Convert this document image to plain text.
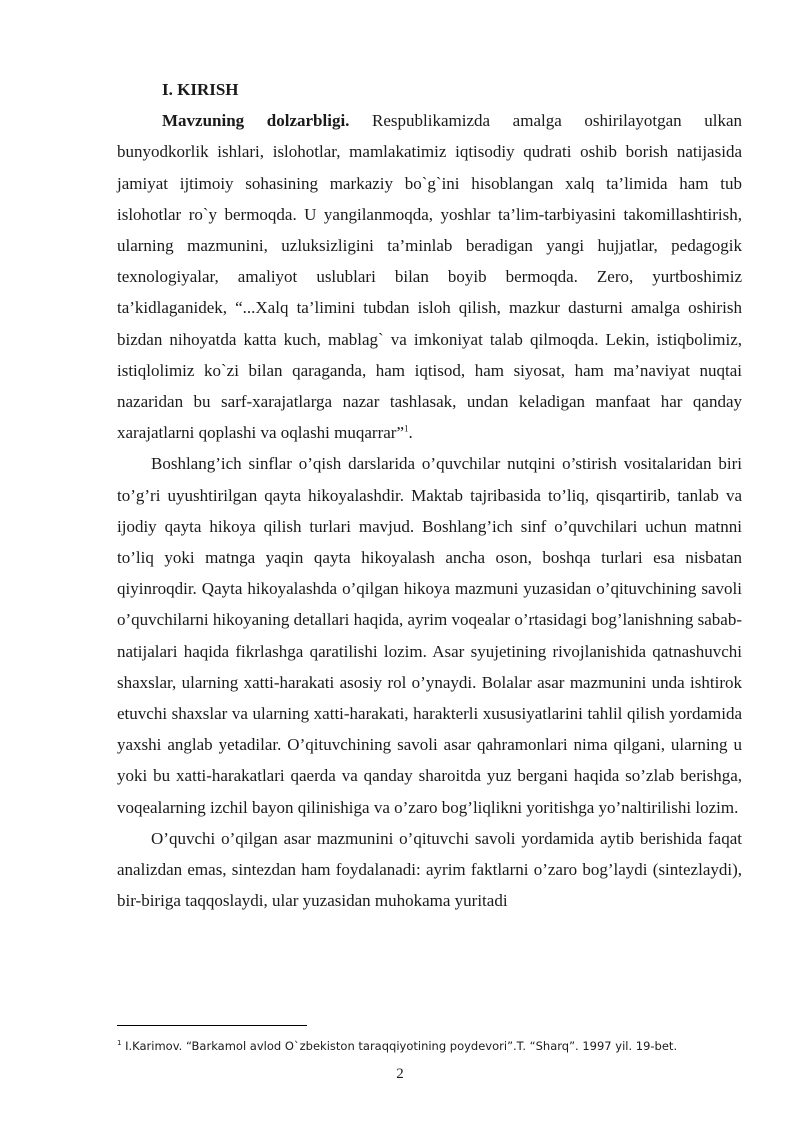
I. KIRISH

Mavzuning dolzarbligi. Respublikamizda amalga oshirilayotgan ulkan bunyodkorlik ishlari, islohotlar, mamlakatimiz iqtisodiy qudrati oshib borish natijasida jamiyat ijtimoiy sohasining markaziy bo`g`ini hisoblangan xalq ta’limida ham tub islohotlar ro`y bermoqda. U yangilanmoqda, yoshlar ta’lim-tarbiyasini takomillashtirish, ularning mazmunini, uzluksizligini ta’minlab beradigan yangi hujjatlar, pedagogik texnologiyalar, amaliyot uslublari bilan boyib bermoqda. Zero, yurtboshimiz ta’kidlaganidek, “...Xalq ta’limini tubdan isloh qilish, mazkur dasturni amalga oshirish bizdan nihoyatda katta kuch, mablag` va imkoniyat talab qilmoqda. Lekin, istiqbolimiz, istiqlolimiz ko`zi bilan qaraganda, ham iqtisod, ham siyosat, ham ma’naviyat nuqtai nazaridan bu sarf-xarajatlarga nazar tashlasak, undan keladigan manfaat har qanday xarajatlarni qoplashi va oqlashi muqarrar”$^1$.

Boshlang’ich sinflar o’qish darslarida o’quvchilar nutqini o’stirish vositalaridan biri to’g’ri uyushtirilgan qayta hikoyalashdir. Maktab tajribasida to’liq, qisqartirib, tanlab va ijodiy qayta hikoya qilish turlari mavjud. Boshlang’ich sinf o’quvchilari uchun matnni to’liq yoki matnga yaqin qayta hikoyalash ancha oson, boshqa turlari esa nisbatan qiyinroqdir. Qayta hikoyalashda o’qilgan hikoya mazmuni yuzasidan o’qituvchining savoli o’quvchilarni hikoyaning detallari haqida, ayrim voqealar o’rtasidagi bog’lanishning sabab-natijalari haqida fikrlashga qaratilishi lozim. Asar syujetining rivojlanishida qatnashuvchi shaxslar, ularning xatti-harakati asosiy rol o’ynaydi. Bolalar asar mazmunini unda ishtirok etuvchi shaxslar va ularning xatti-harakati, harakterli xususiyatlarini tahlil qilish yordamida yaxshi anglab yetadilar. O’qituvchining savoli asar qahramonlari nima qilgani, ularning u yoki bu xatti-harakatlari qaerda va qanday sharoitda yuz bergani haqida so’zlab berishga, voqealarning izchil bayon qilinishiga va o’zaro bog’liqlikni yoritishga yo’naltirilishi lozim.

O’quvchi o’qilgan asar mazmunini o’qituvchi savoli yordamida aytib berishida faqat analizdan emas, sintezdan ham foydalanadi: ayrim faktlarni o’zaro bog’laydi (sintezlaydi), bir-biriga taqqoslaydi, ular yuzasidan muhokama yuritadi

$^1$ I.Karimov. “Barkamol avlod O`zbekiston taraqqiyotining poydevori”.T. “Sharq”. 1997 yil. 19-bet.
2
